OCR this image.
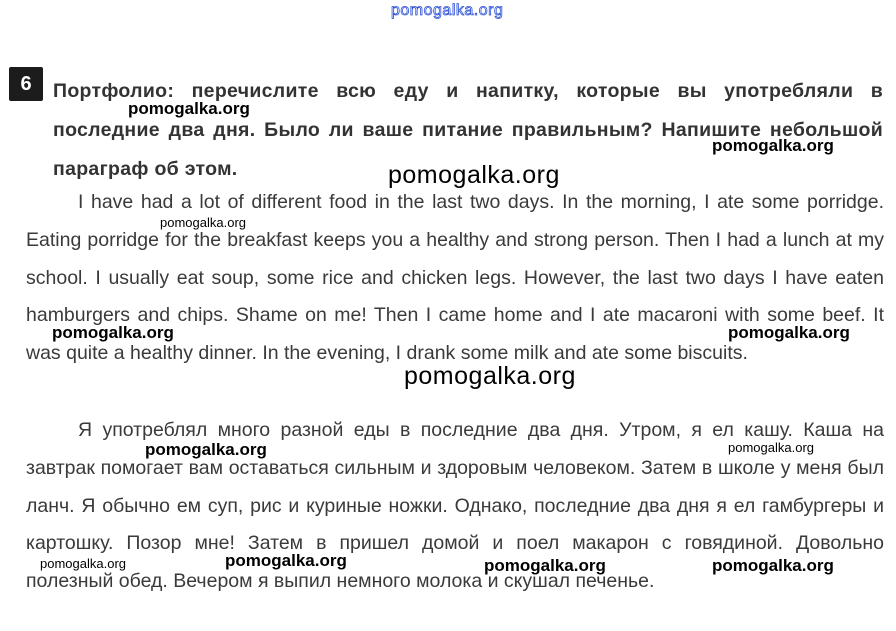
pomogalka.org
6	Портфолио: перечислите всю еду и напитку, которые вы употребляли в последние два дня. Было ли ваше питание правильным? Напишите небольшой параграф об этом.

I have had a lot of different food in the last two days. In the morning, I ate some porridge. Eating porridge for the breakfast keeps you a healthy and strong person. Then I had a lunch at my school. I usually eat soup, some rice and chicken legs. However, the last two days I have eaten hamburgers and chips. Shame on me! Then I came home and I ate macaroni with some beef. It was quite a healthy dinner. In the evening, I drank some milk and ate some biscuits.

Я употреблял много разной еды в последние два дня. Утром, я ел кашу. Каша на завтрак помогает вам оставаться сильным и здоровым человеком. Затем в школе у меня был ланч. Я обычно ем суп, рис и куриные ножки. Однако, последние два дня я ел гамбургеры и картошку. Позор мне! Затем в пришел домой и поел макарон с говядиной. Довольно полезный обед. Вечером я выпил немного молока и скушал печенье.

pomogalka.org
pomogalka.org
pomogalka.org
pomogalka.org
pomogalka.org	pomogalka.org
pomogalka.org
pomogalka.org	pomogalka.org
pomogalka.org	pomogalka.org	pomogalka.org	pomogalka.org
